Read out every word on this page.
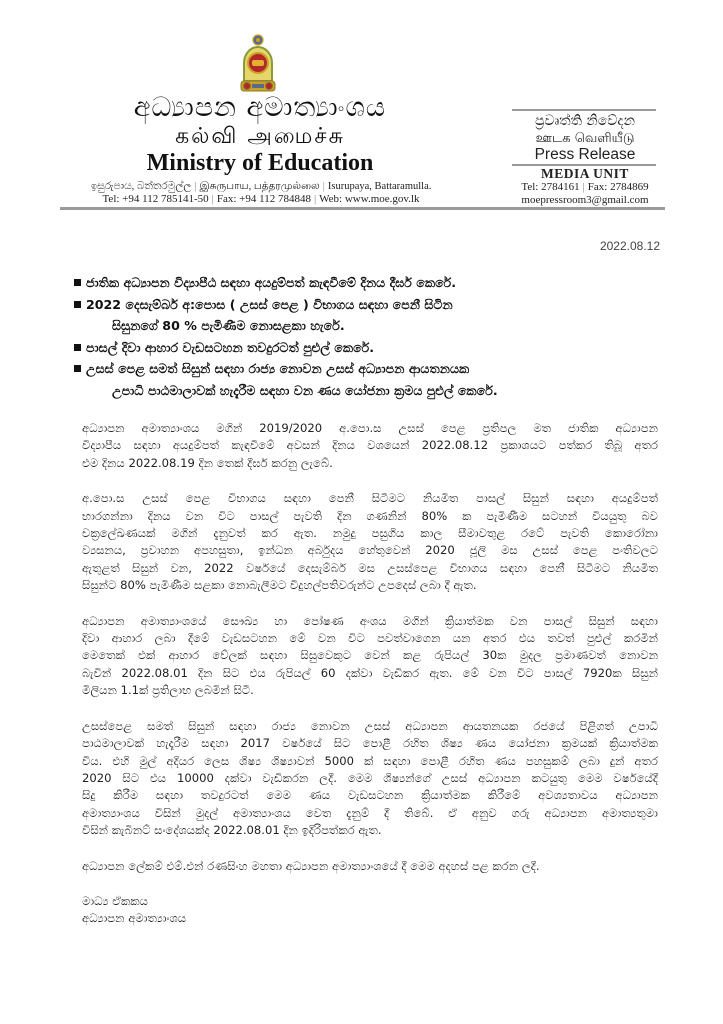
අධ්‍යාපන අමාත්‍යාංශය
கல்வி அமைச்சு
Ministry of Education
ඉසුරුපාය, බත්තරමුල්ල | இசுருபாய, பத்தரமுல்லை | Isurupaya, Battaramulla.
Tel: +94 112 785141-50 | Fax: +94 112 784848 | Web: www.moe.gov.lk
ප්‍රවෘත්ති නිවේදන
ஊடக வெளியீடு
Press Release
MEDIA UNIT
Tel: 2784161 | Fax: 2784869
moepressroom3@gmail.com
2022.08.12
ජාතික අධ්‍යාපන විද්‍යාපීඨ සඳහා අයදුම්පත් කැඳවීමේ දිනය දීර්ඝ කෙරේ.
2022 දෙසැම්බර් අ:පොස ( උසස් පෙළ ) විභාගය සඳහා පෙනී සිටින
සිසුනගේ 80 % පැමිණීම නොසළකා හැරේ.
පාසල් දිවා ආහාර වැඩසටහන තවදුරටත් පුළුල් කෙරේ.
උසස් පෙළ සමත් සිසුන් සඳහා රාජ්‍ය නොවන උසස් අධ්‍යාපන ආයතනයක
උපාධි පාඨමාලාවක් හැදැරීම සඳහා වන ණය යෝජනා ක්‍රමය පුළුල් කෙරේ.
අධ්‍යාපන අමාත්‍යාංශය මගින් 2019/2020 අ.පො.ස උසස් පෙළ ප්‍රතිපල මත ජාතික අධ්‍යාපන
විද්‍යාපීය සඳහා අයදුම්පත් කැඳවීමේ අවසන් දිනය වශයෙන් 2022.08.12 ප්‍රකාශයට පත්කර තිබූ අතර
එම දිනය 2022.08.19 දින තෙක් දීර්ඝ කරනු ලැබේ.
අ.පො.ස උසස් පෙළ විභාගය සඳහා පෙනී සිටීමට නියමිත පාසල් සිසුන් සඳහා අයදුම්පත්
භාරගන්නා දිනය වන විට පාසල් පැවති දින ගණනින් 80% ක පැමිණීම සටහන් වියයුතු බව
චක්‍රලේඛණයක් මගින් දැනුවත් කර ඇත. නමුදු පසුගිය කාල සීමාවතුළ රටේ පැවති කොරෝනා
ව්‍යසනය, ප්‍රවාහන අපහසුතා, ඉන්ධන අර්බුදය හේතුවෙන් 2020 ජූලි මස උසස් පෙළ පංතිවලට
ඇතුළත් සිසුන් වන, 2022 වර්ෂයේ දෙසැම්බර් මස උසස්පෙළ විභාගය සඳහා පෙනී සිටීමට නියමිත
සිසුන්ට 80% පැමිණීම සළකා නොබැලීමට විදුහල්පතිවරුන්ට උපදෙස් ලබා දී ඇත.
අධ්‍යාපන අමාත්‍යාංශයේ සෞඛ්‍ය හා පෝෂණ අංශය මගින් ක්‍රියාත්මක වන පාසල් සිසුන් සඳහා
දිවා ආහාර ලබා දීමේ වැඩසටහන මේ වන විට පවත්වාගෙන යන අතර එය තවත් පුළුල් කරමින්
මෙතෙක් එක් ආහාර වේලක් සඳහා සිසුවෙකුට වෙන් කළ රුපියල් 30ක මුදල ප්‍රමාණවත් නොවන
බැවින් 2022.08.01 දින සිට එය රුපියල් 60 දක්වා වැඩිකර ඇත. මේ වන විට පාසල් 7920ක සිසුන්
මිලියන 1.1ක් ප්‍රතිලාභ ලබමින් සිටී.
උසස්පෙළ සමත් සිසුන් සඳහා රාජ්‍ය නොවන උසස් අධ්‍යාපන ආයතනයක රජයේ පිළිගත් උපාධි
පාඨමාලාවක් හැදෑරීම සඳහා 2017 වර්ෂයේ සිට පොළී රහිත ශිෂ්‍ය ණය යෝජනා ක්‍රමයක් ක්‍රියාත්මක
විය. එහි මුල් අදියර ලෙස ශිෂ්‍ය ශිෂ්‍යාවන් 5000 ක් සඳහා පොළී රහිත ණය පහසුකම් ලබා දුන් අතර
2020 සිට එය 10000 දක්වා වැඩිකරන ලදී. මෙම ශිෂ්‍යන්ගේ උසස් අධ්‍යාපන කටයුතු මෙම වර්ෂයේදී
සිදු කිරීම සඳහා තවදුරටත් මෙම ණය වැඩසටහන ක්‍රියාත්මක කිරීමේ අවශ්‍යතාවය අධ්‍යාපන
අමාත්‍යාංශය විසින් මුදල් අමාත්‍යාංශය වෙත දැනුම් දී තිබේ. ඒ අනුව ගරු අධ්‍යාපන අමාත්‍යතුමා
විසින් කැබිනට් සංදේශයක්ද 2022.08.01 දින ඉදිරිපත්කර ඇත.
අධ්‍යාපන ලේකම් එම්.එන් රණසිංහ මහතා අධ්‍යාපන අමාත්‍යාංශයේ දී මෙම අදහස් පළ කරන ලදී.
මාධ්‍ය ඒකකය
අධ්‍යාපන අමාත්‍යාංශය
